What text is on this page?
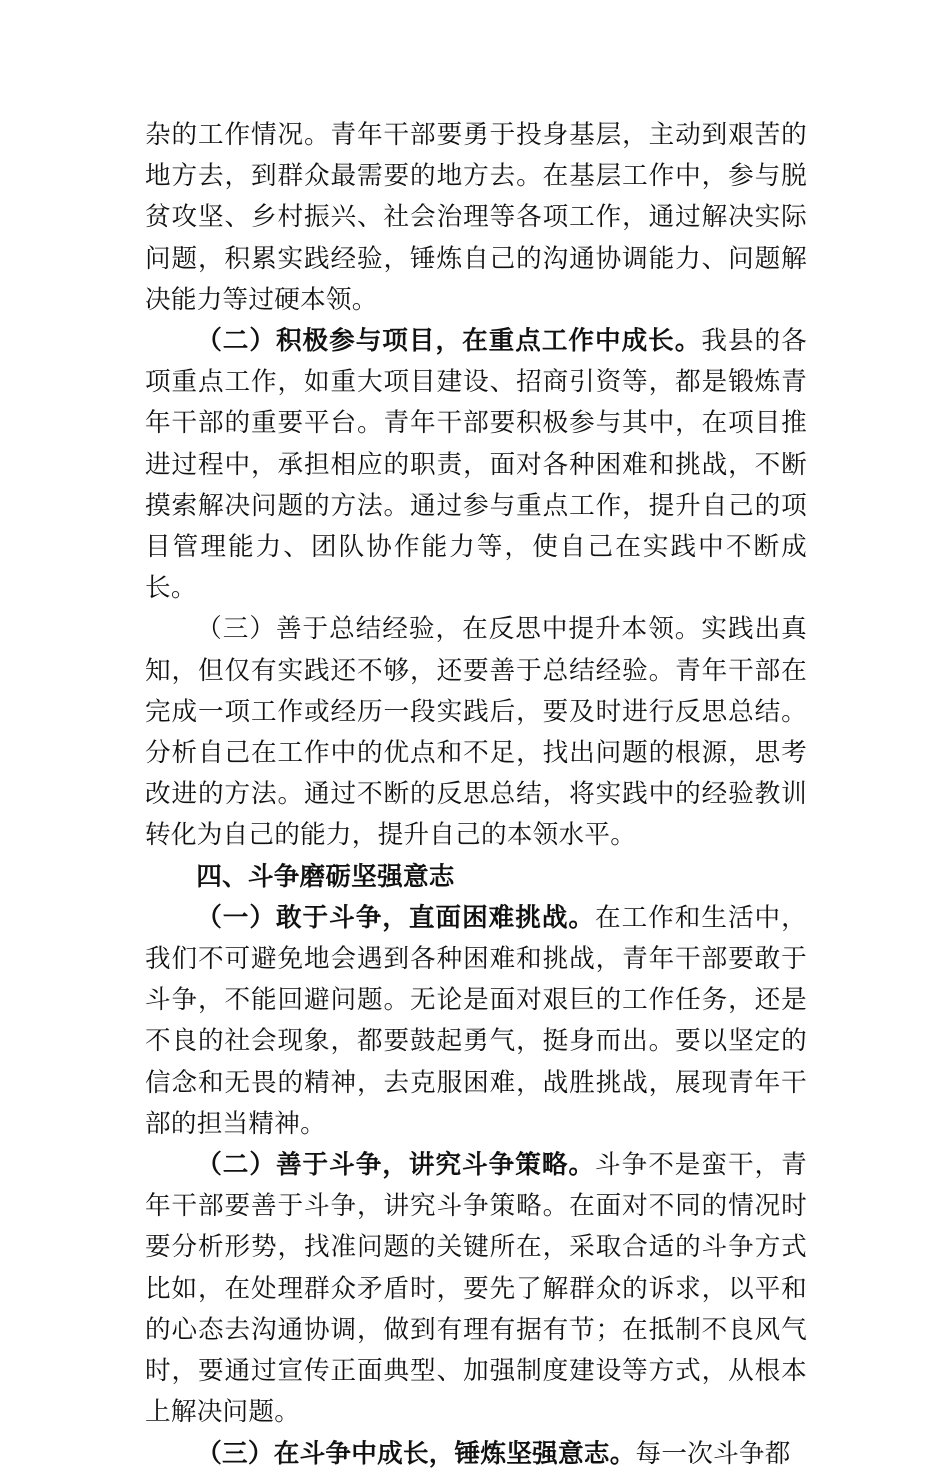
杂的工作情况。青年干部要勇于投身基层，主动到艰苦的地方去，到群众最需要的地方去。在基层工作中，参与脱贫攻坚、乡村振兴、社会治理等各项工作，通过解决实际问题，积累实践经验，锤炼自己的沟通协调能力、问题解决能力等过硬本领。

（二）积极参与项目，在重点工作中成长。我县的各项重点工作，如重大项目建设、招商引资等，都是锻炼青年干部的重要平台。青年干部要积极参与其中，在项目推进过程中，承担相应的职责，面对各种困难和挑战，不断摸索解决问题的方法。通过参与重点工作，提升自己的项目管理能力、团队协作能力等，使自己在实践中不断成长。

（三）善于总结经验，在反思中提升本领。实践出真知，但仅有实践还不够，还要善于总结经验。青年干部在完成一项工作或经历一段实践后，要及时进行反思总结。分析自己在工作中的优点和不足，找出问题的根源，思考改进的方法。通过不断的反思总结，将实践中的经验教训转化为自己的能力，提升自己的本领水平。

四、斗争磨砺坚强意志

（一）敢于斗争，直面困难挑战。在工作和生活中，我们不可避免地会遇到各种困难和挑战，青年干部要敢于斗争，不能回避问题。无论是面对艰巨的工作任务，还是不良的社会现象，都要鼓起勇气，挺身而出。要以坚定的信念和无畏的精神，去克服困难，战胜挑战，展现青年干部的担当精神。

（二）善于斗争，讲究斗争策略。斗争不是蛮干，青年干部要善于斗争，讲究斗争策略。在面对不同的情况时要分析形势，找准问题的关键所在，采取合适的斗争方式比如，在处理群众矛盾时，要先了解群众的诉求，以平和的心态去沟通协调，做到有理有据有节；在抵制不良风气时，要通过宣传正面典型、加强制度建设等方式，从根本上解决问题。

（三）在斗争中成长，锤炼坚强意志。每一次斗争都
